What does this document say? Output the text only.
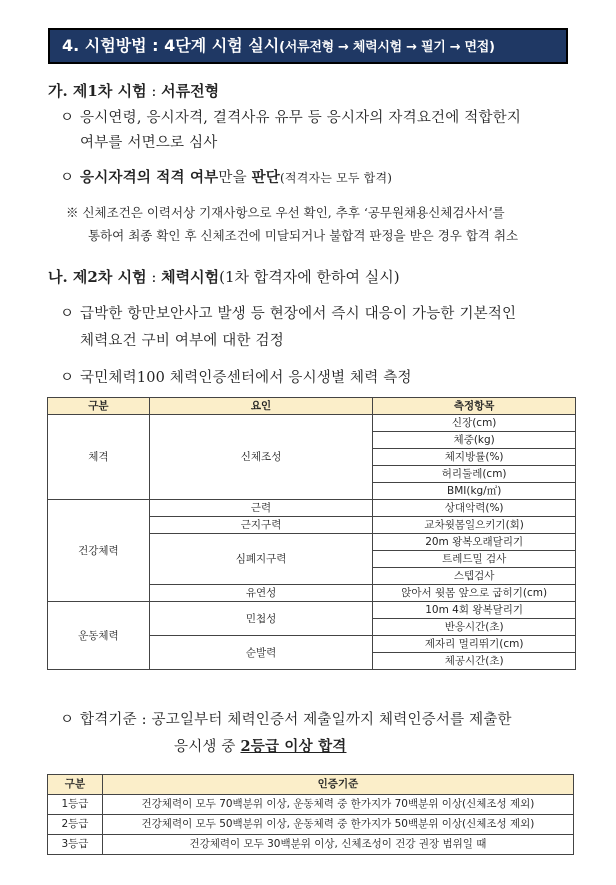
4. 시험방법 : 4단계 시험 실시(서류전형 → 체력시험 → 필기 → 면접)
가. 제1차 시험 : 서류전형
ㅇ 응시연령, 응시자격, 결격사유 유무 등 응시자의 자격요건에 적합한지
여부를 서면으로 심사
ㅇ 응시자격의 적격 여부만을 판단(적격자는 모두 합격)
※ 신체조건은 이력서상 기재사항으로 우선 확인, 추후 ‘공무원채용신체검사서’를
통하여 최종 확인 후 신체조건에 미달되거나 불합격 판정을 받은 경우 합격 취소
나. 제2차 시험 : 체력시험(1차 합격자에 한하여 실시)
ㅇ 급박한 항만보안사고 발생 등 현장에서 즉시 대응이 가능한 기본적인
체력요건 구비 여부에 대한 검정
ㅇ 국민체력100 체력인증센터에서 응시생별 체력 측정
구분	요인	측정항목
체격	신체조성	신장(cm)
		체중(kg)
		체지방률(%)
		허리둘레(cm)
		BMI(kg/㎡)
건강체력	근력	상대악력(%)
	근지구력	교차윗몸일으키기(회)
	심폐지구력	20m 왕복오래달리기
		트레드밀 검사
		스텝검사
	유연성	앉아서 윗몸 앞으로 굽히기(cm)
운동체력	민첩성	10m 4회 왕복달리기
		반응시간(초)
	순발력	제자리 멀리뛰기(cm)
		체공시간(초)
ㅇ 합격기준 : 공고일부터 체력인증서 제출일까지 체력인증서를 제출한
응시생 중 2등급 이상 합격
구분	인증기준
1등급	건강체력이 모두 70백분위 이상, 운동체력 중 한가지가 70백분위 이상(신체조성 제외)
2등급	건강체력이 모두 50백분위 이상, 운동체력 중 한가지가 50백분위 이상(신체조성 제외)
3등급	건강체력이 모두 30백분위 이상, 신체조성이 건강 권장 범위일 때
